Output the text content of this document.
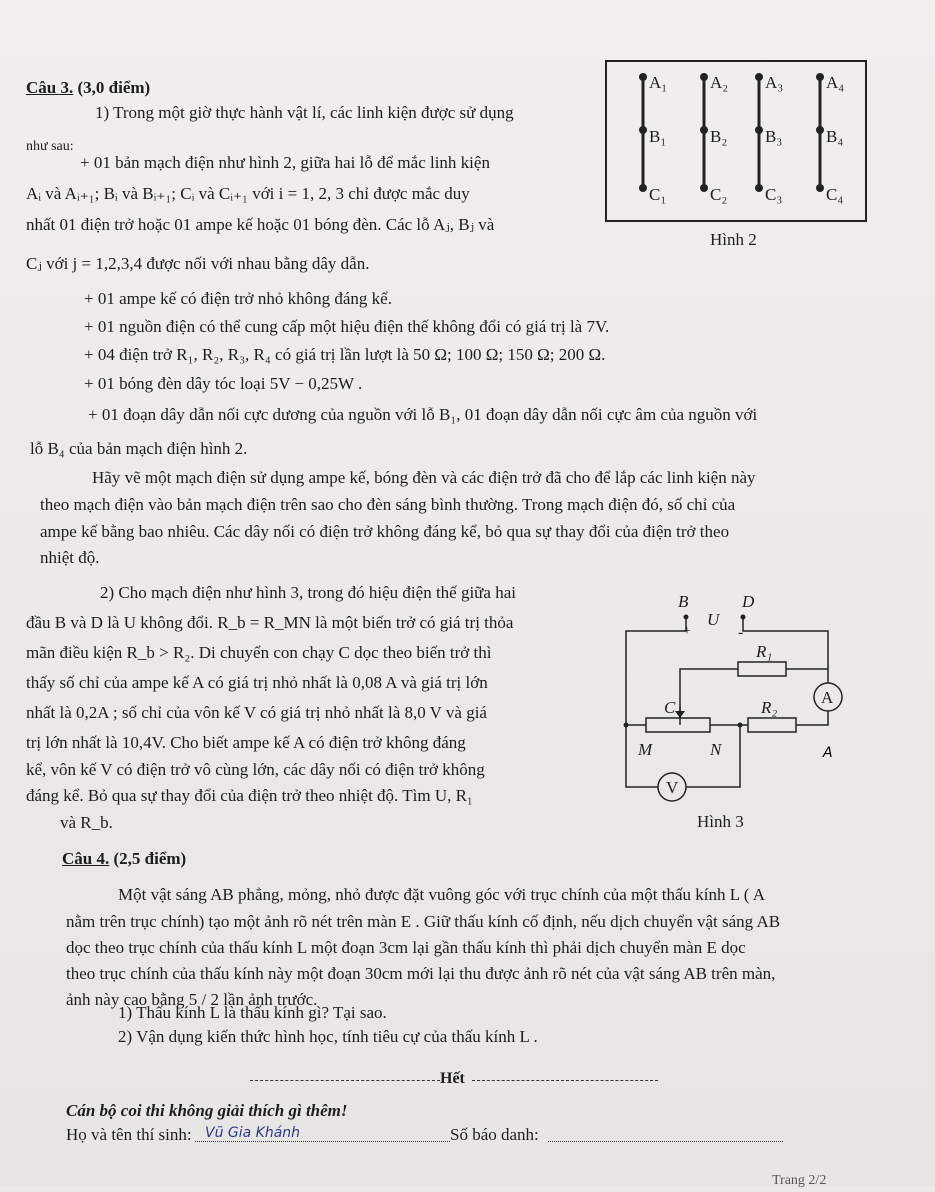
Câu 3. (3,0 điểm)
1) Trong một giờ thực hành vật lí, các linh kiện được sử dụng
như sau:
+ 01 bản mạch điện như hình 2, giữa hai lỗ để mắc linh kiện
Aᵢ và Aᵢ₊₁; Bᵢ và Bᵢ₊₁; Cᵢ và Cᵢ₊₁ với i = 1, 2, 3 chỉ được mắc duy
nhất 01 điện trở hoặc 01 ampe kế hoặc 01 bóng đèn. Các lỗ Aⱼ, Bⱼ và
Cⱼ với j = 1,2,3,4 được nối với nhau bằng dây dẫn.
+ 01 ampe kế có điện trở nhỏ không đáng kể.
+ 01 nguồn điện có thể cung cấp một hiệu điện thế không đổi có giá trị là 7V.
+ 04 điện trở R₁, R₂, R₃, R₄ có giá trị lần lượt là 50 Ω; 100 Ω; 150 Ω; 200 Ω.
+ 01 bóng đèn dây tóc loại 5V − 0,25W .
+ 01 đoạn dây dẫn nối cực dương của nguồn với lỗ B₁, 01 đoạn dây dẫn nối cực âm của nguồn với
lỗ B₄ của bản mạch điện hình 2.
Hãy vẽ một mạch điện sử dụng ampe kế, bóng đèn và các điện trở đã cho để lắp các linh kiện này
theo mạch điện vào bản mạch điện trên sao cho đèn sáng bình thường. Trong mạch điện đó, số chỉ của
ampe kế bằng bao nhiêu. Các dây nối có điện trở không đáng kể, bỏ qua sự thay đổi của điện trở theo
nhiệt độ.
2) Cho mạch điện như hình 3, trong đó hiệu điện thế giữa hai
đầu B và D là U không đổi. R_b = R_MN là một biến trở có giá trị thỏa
mãn điều kiện R_b > R₂. Di chuyển con chạy C dọc theo biến trở thì
thấy số chỉ của ampe kế A có giá trị nhỏ nhất là 0,08 A và giá trị lớn
nhất là 0,2A ; số chỉ của vôn kế V có giá trị nhỏ nhất là 8,0 V và giá
trị lớn nhất là 10,4V. Cho biết ampe kế A có điện trở không đáng
kể, vôn kế V có điện trở vô cùng lớn, các dây nối có điện trở không
đáng kể. Bỏ qua sự thay đổi của điện trở theo nhiệt độ. Tìm U, R₁
và R_b.
A₁	A₂ A₃	A₄
B₁	B₂ B₃	B₄
C₁	C₂ C₃	C₄
Hình 2
B	D
U
+	-
R₁
R₂
A
C
M	N
V
A
Hình 3
Câu 4. (2,5 điểm)
Một vật sáng AB phẳng, mỏng, nhỏ được đặt vuông góc với trục chính của một thấu kính L ( A
nằm trên trục chính) tạo một ảnh rõ nét trên màn E . Giữ thấu kính cố định, nếu dịch chuyển vật sáng AB
dọc theo trục chính của thấu kính L một đoạn 3cm lại gần thấu kính thì phải dịch chuyển màn E dọc
theo trục chính của thấu kính này một đoạn 30cm mới lại thu được ảnh rõ nét của vật sáng AB trên màn,
ảnh này cao bằng 5 / 2 lần ảnh trước.
1) Thấu kính L là thấu kính gì? Tại sao.
2) Vận dụng kiến thức hình học, tính tiêu cự của thấu kính L .
Hết
Cán bộ coi thi không giải thích gì thêm!
Họ và tên thí sinh: Vũ Gia Khánh	Số báo danh:
Trang 2/2
